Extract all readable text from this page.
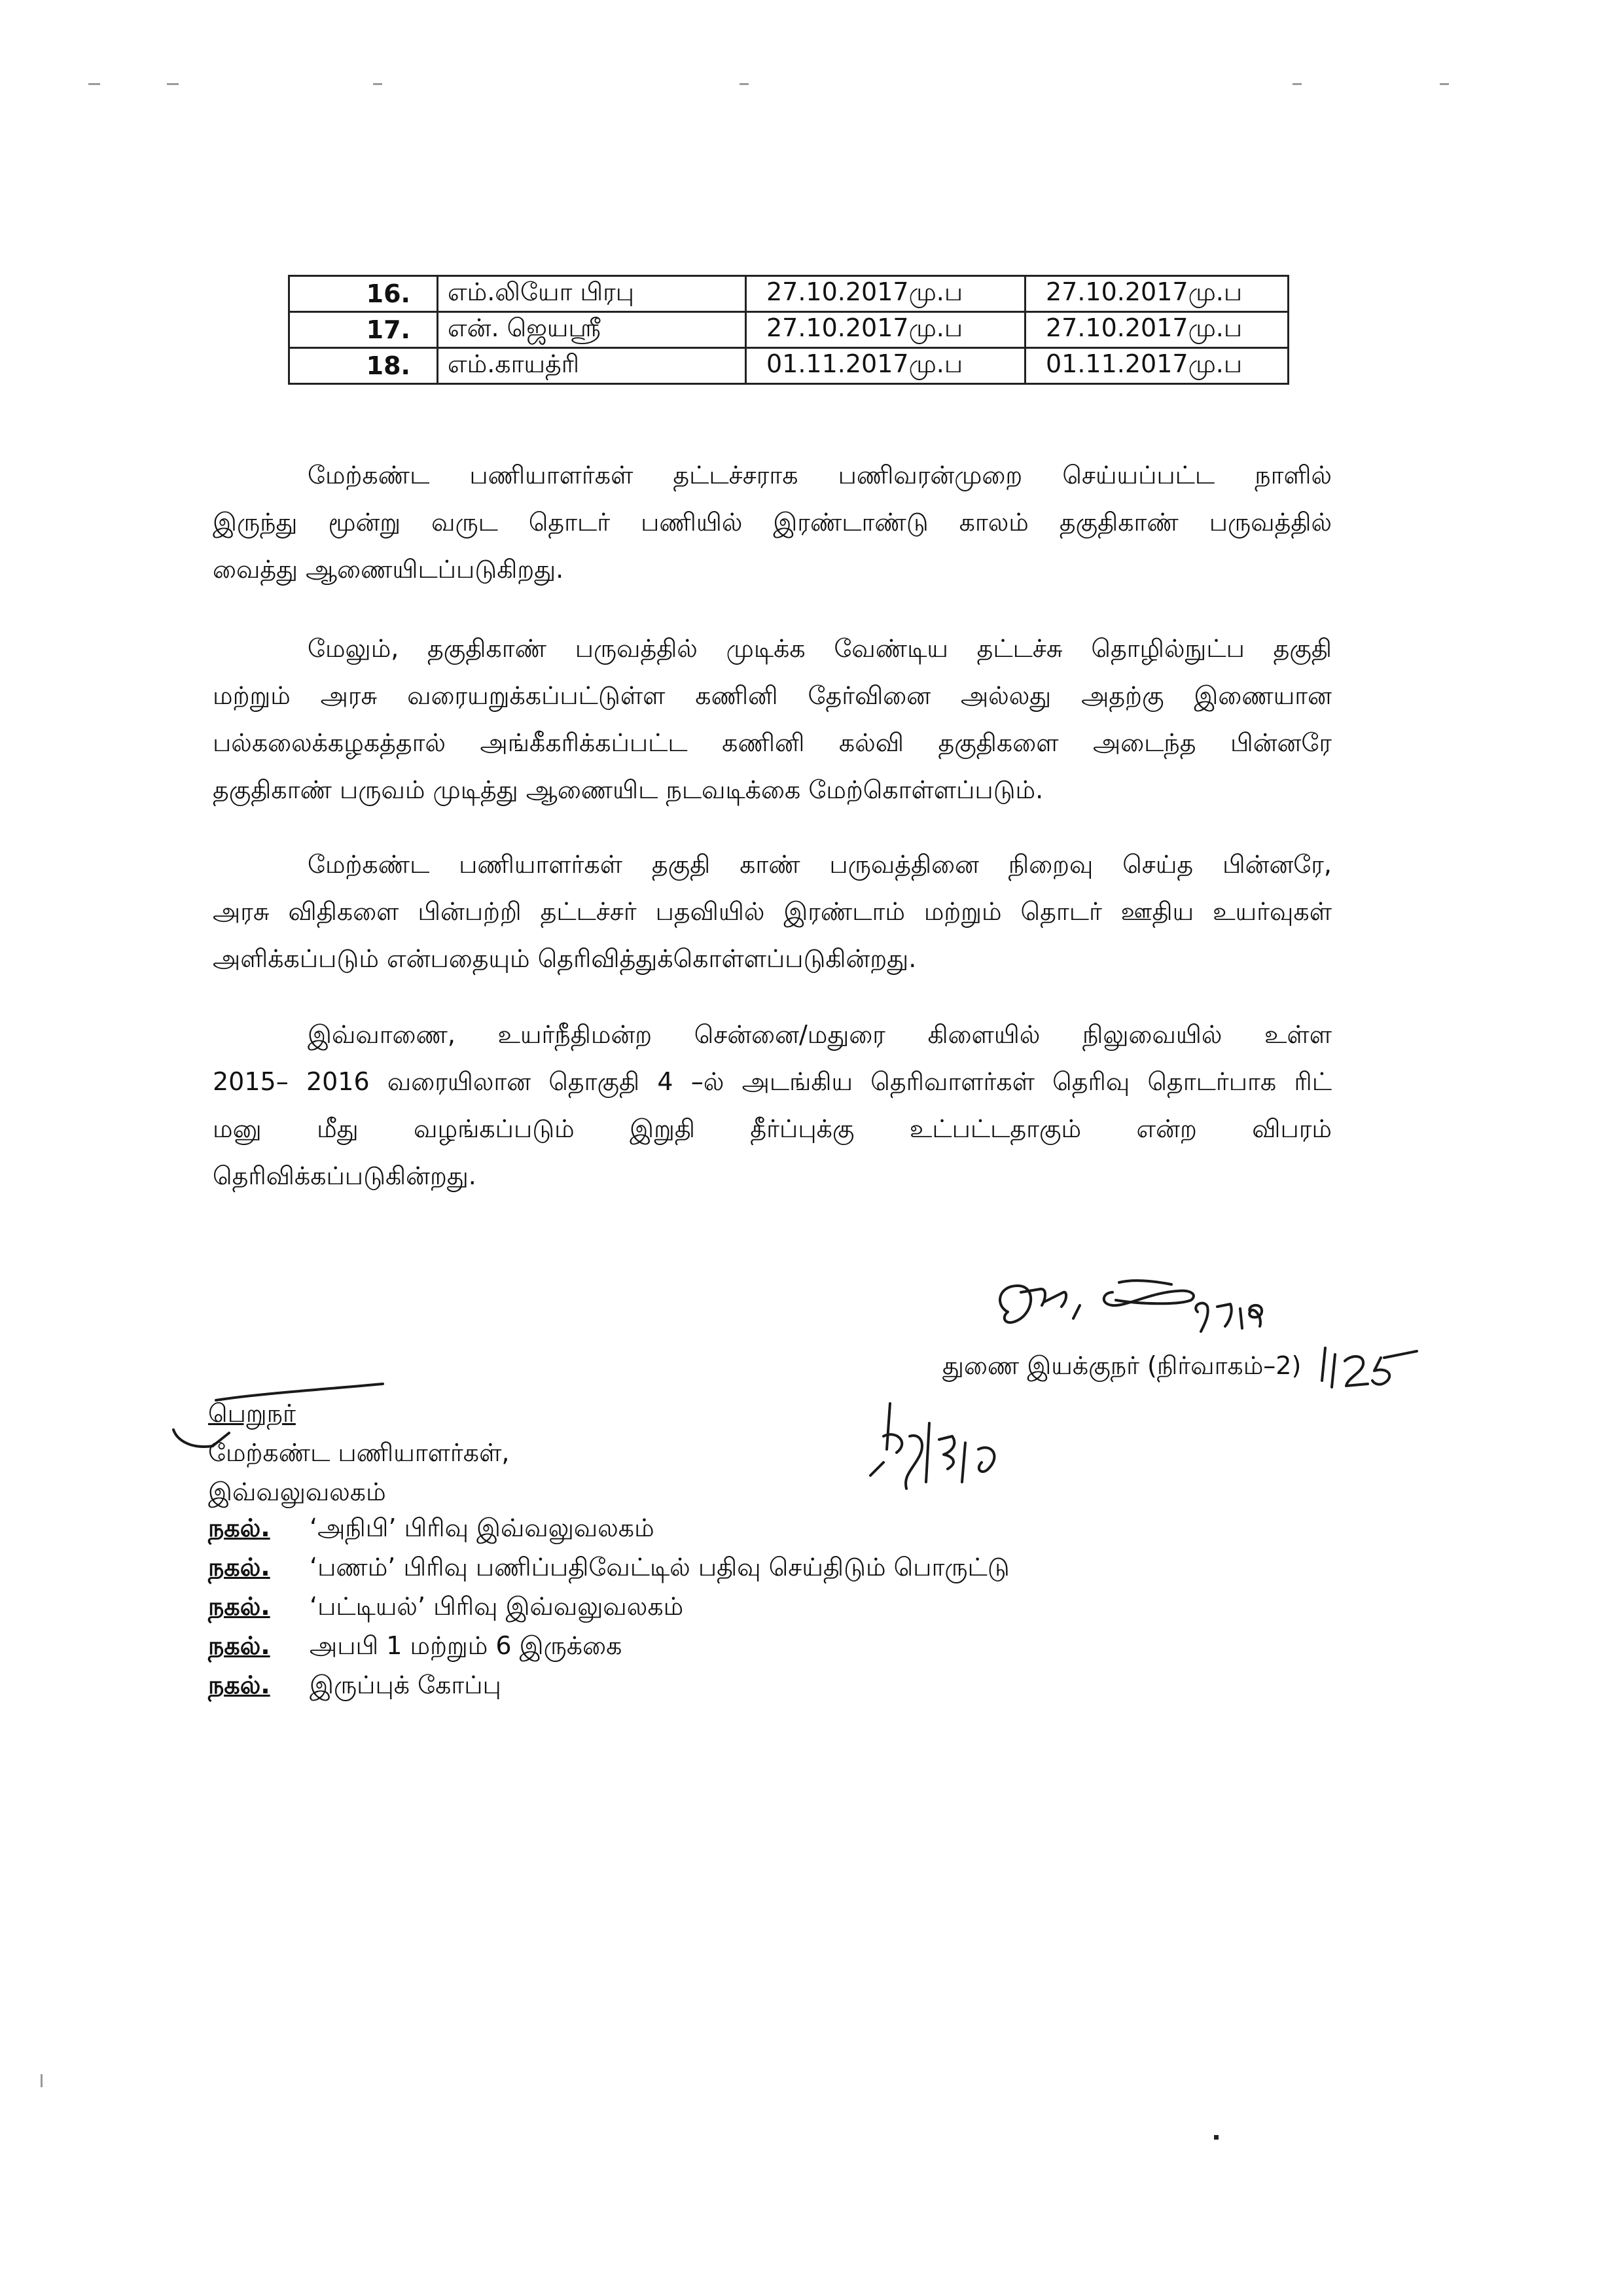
16.	எம்.லியோ பிரபு	27.10.2017மு.ப	27.10.2017மு.ப
17.	என். ஜெயஸ்ரீ	27.10.2017மு.ப	27.10.2017மு.ப
18.	எம்.காயத்ரி	01.11.2017மு.ப	01.11.2017மு.ப
மேற்கண்ட பணியாளர்கள் தட்டச்சராக பணிவரன்முறை செய்யப்பட்ட நாளில்
இருந்து மூன்று வருட தொடர் பணியில் இரண்டாண்டு காலம் தகுதிகாண் பருவத்தில்
வைத்து ஆணையிடப்படுகிறது.
மேலும், தகுதிகாண் பருவத்தில் முடிக்க வேண்டிய தட்டச்சு தொழில்நுட்ப தகுதி
மற்றும் அரசு வரையறுக்கப்பட்டுள்ள கணினி தேர்வினை அல்லது அதற்கு இணையான
பல்கலைக்கழகத்தால் அங்கீகரிக்கப்பட்ட கணினி கல்வி தகுதிகளை அடைந்த பின்னரே
தகுதிகாண் பருவம் முடித்து ஆணையிட நடவடிக்கை மேற்கொள்ளப்படும்.
மேற்கண்ட பணியாளர்கள் தகுதி காண் பருவத்தினை நிறைவு செய்த பின்னரே,
அரசு விதிகளை பின்பற்றி தட்டச்சர் பதவியில் இரண்டாம் மற்றும் தொடர் ஊதிய உயர்வுகள்
அளிக்கப்படும் என்பதையும் தெரிவித்துக்கொள்ளப்படுகின்றது.
இவ்வாணை, உயர்நீதிமன்ற சென்னை/மதுரை கிளையில் நிலுவையில் உள்ள
2015– 2016 வரையிலான தொகுதி 4 –ல் அடங்கிய தெரிவாளர்கள் தெரிவு தொடர்பாக ரிட்
மனு மீது வழங்கப்படும் இறுதி தீர்ப்புக்கு உட்பட்டதாகும் என்ற விபரம்
தெரிவிக்கப்படுகின்றது.
துணை இயக்குநர் (நிர்வாகம்–2)
பெறுநர்
மேற்கண்ட பணியாளர்கள்,
இவ்வலுவலகம்
நகல்.	‘அநிபி’ பிரிவு இவ்வலுவலகம்
நகல்.	‘பணம்’ பிரிவு பணிப்பதிவேட்டில் பதிவு செய்திடும் பொருட்டு
நகல்.	‘பட்டியல்’ பிரிவு இவ்வலுவலகம்
நகல்.	அபபி 1 மற்றும் 6 இருக்கை
நகல்.	இருப்புக் கோப்பு
